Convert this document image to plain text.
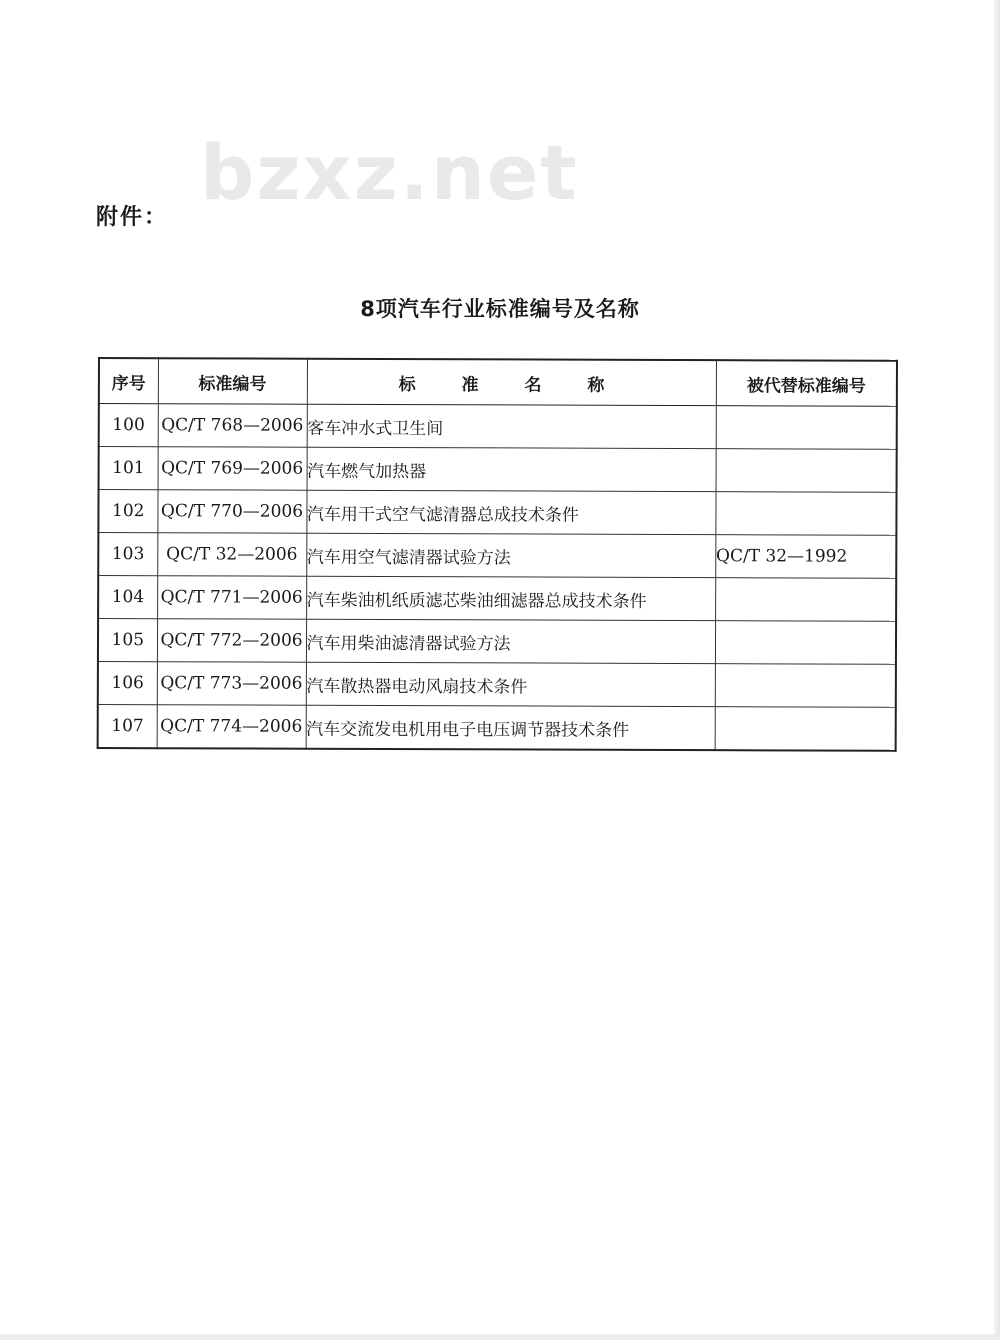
bzxz.net
附件：
8项汽车行业标准编号及名称
序号	标准编号	标 准 名 称	被代替标准编号
100	QC/T 768—2006	客车冲水式卫生间	
101	QC/T 769—2006	汽车燃气加热器	
102	QC/T 770—2006	汽车用干式空气滤清器总成技术条件	
103	QC/T 32—2006	汽车用空气滤清器试验方法	QC/T 32—1992
104	QC/T 771—2006	汽车柴油机纸质滤芯柴油细滤器总成技术条件	
105	QC/T 772—2006	汽车用柴油滤清器试验方法	
106	QC/T 773—2006	汽车散热器电动风扇技术条件	
107	QC/T 774—2006	汽车交流发电机用电子电压调节器技术条件	
